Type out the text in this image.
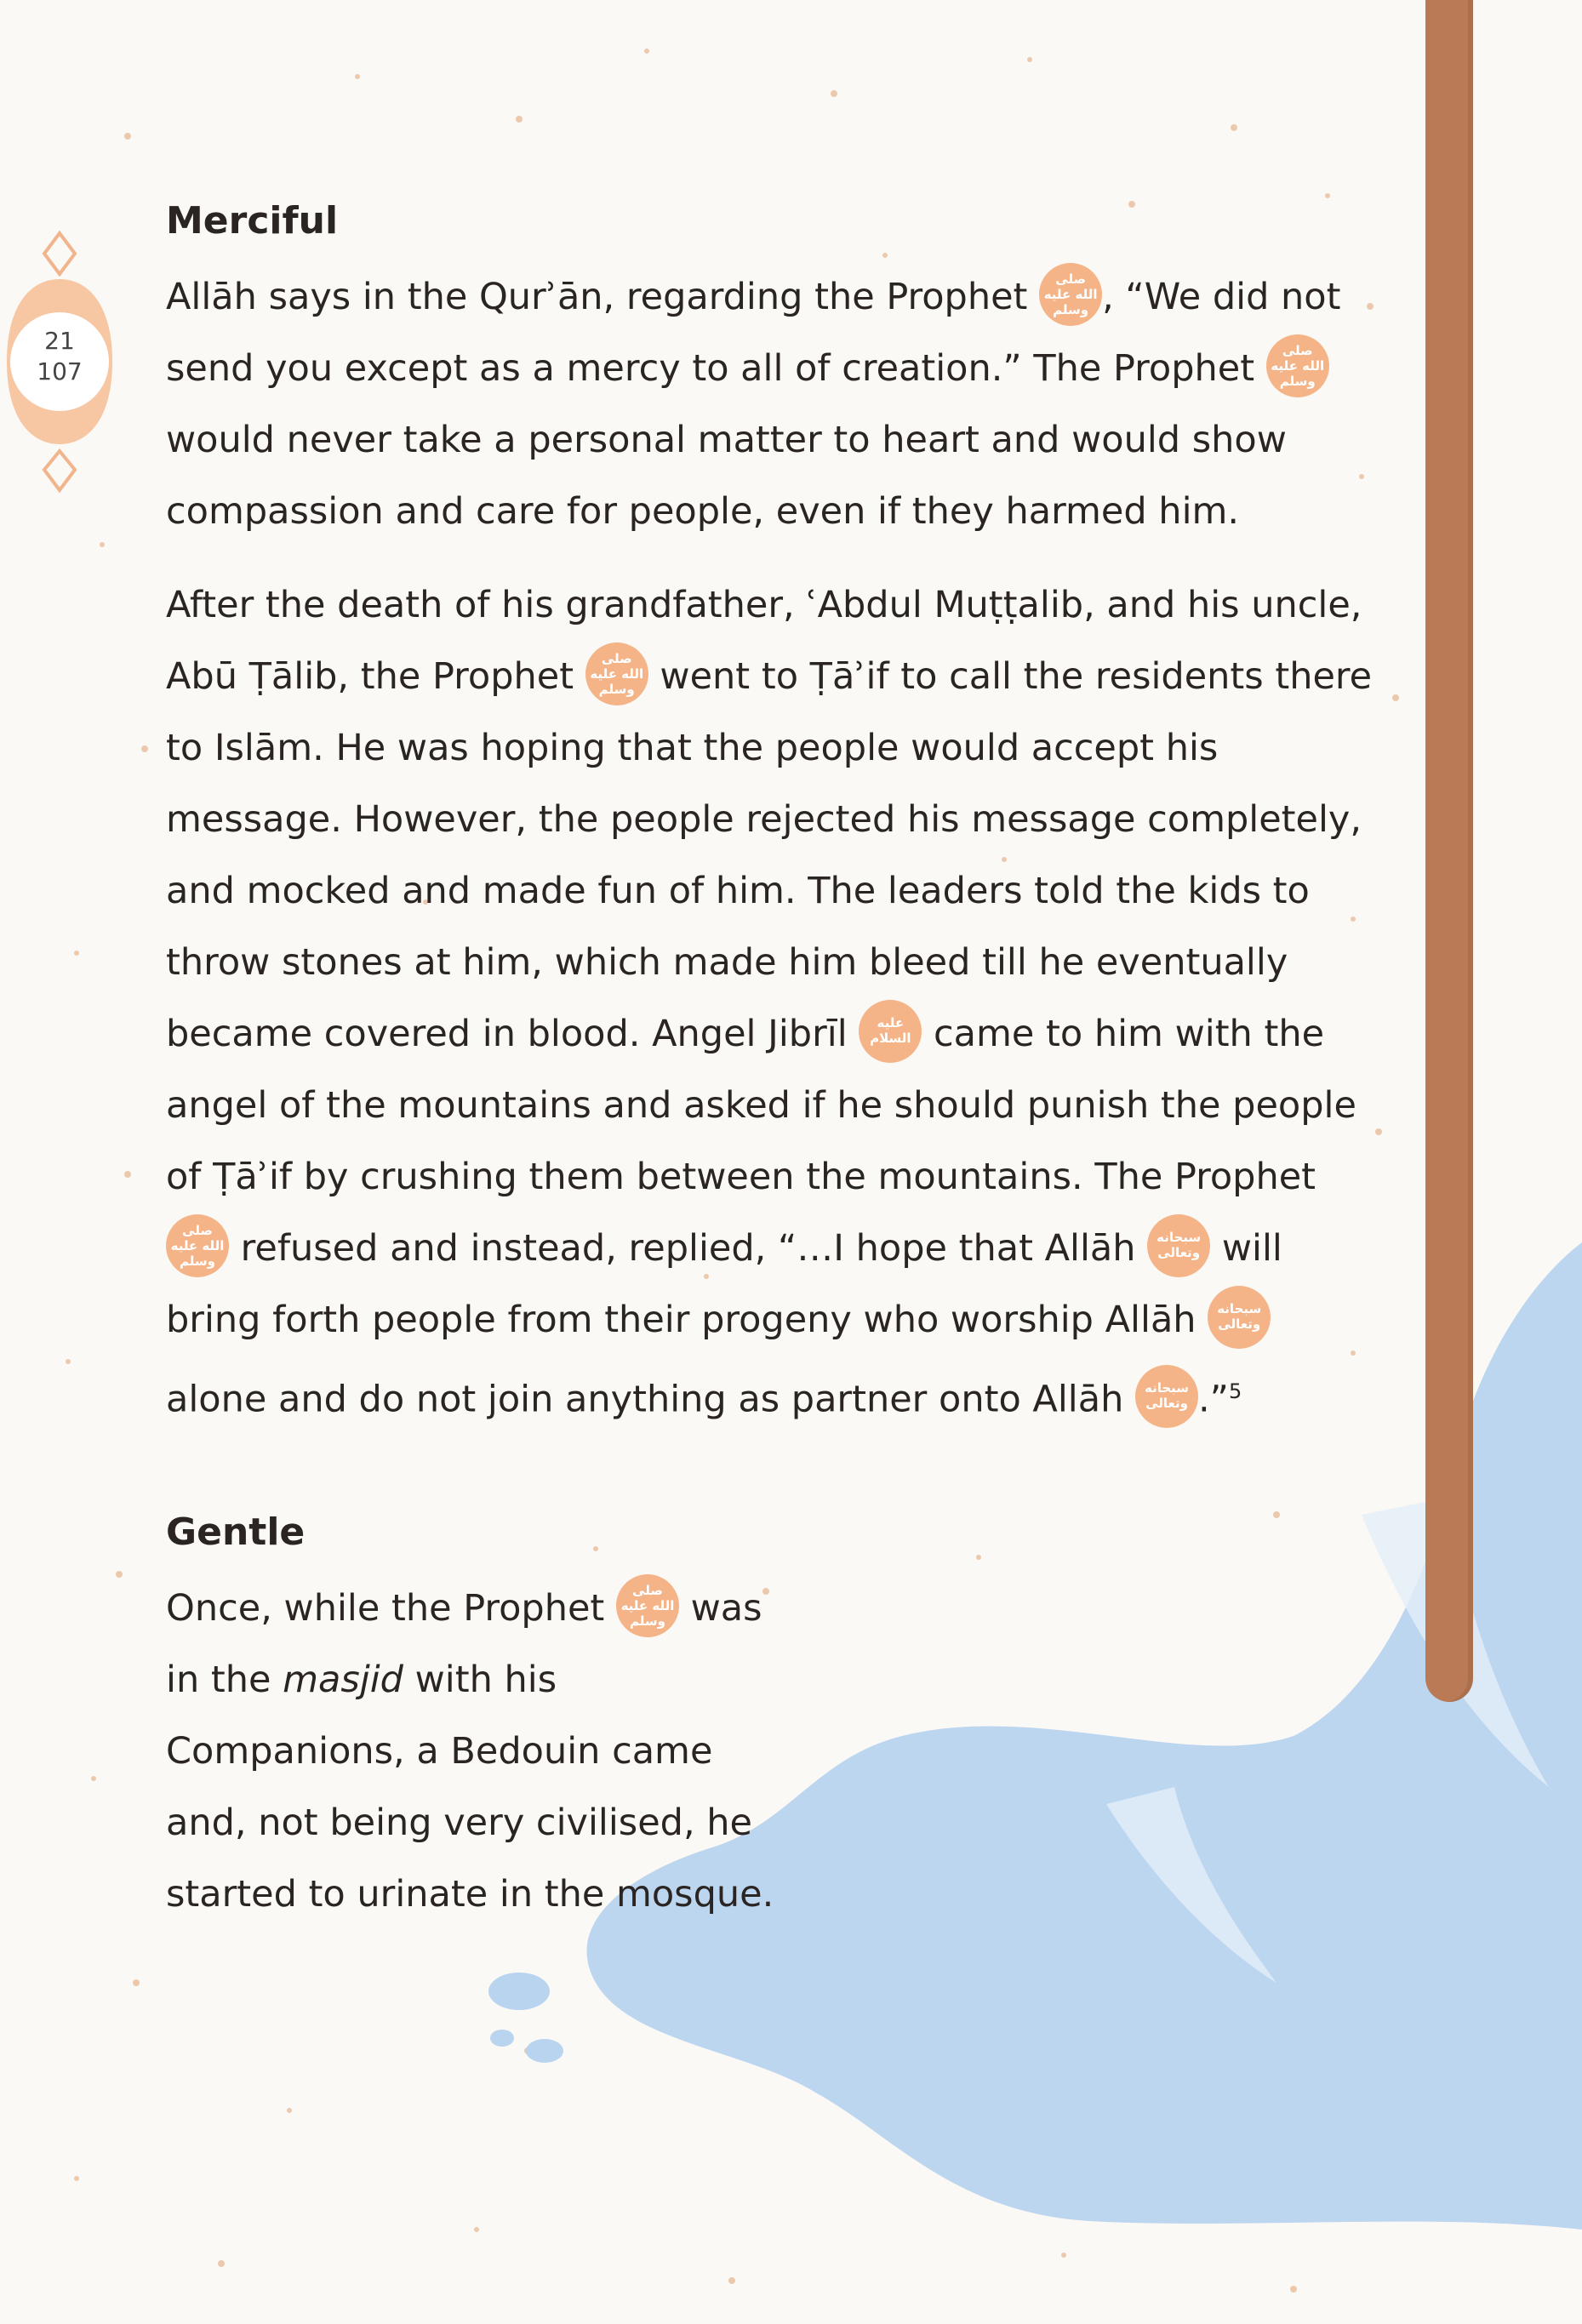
21
107
Merciful

Allāh says in the Qurʾān, regarding the Prophet	صلى
الله عليه
وسلم , “We did not send you except as a mercy to all of creation.” The Prophet	صلى
الله عليه
وسلم
would never take a personal matter to heart and would show compassion and care for people, even if they harmed him.

After the death of his grandfather, ʿAbdul Muṭṭalib, and his uncle, Abū Ṭālib, the Prophet	صلى
الله عليه
وسلم went to Ṭāʾif to call the residents there to Islām. He was hoping that the people would accept his message. However, the people rejected his message completely, and mocked and made fun of him. The leaders told the kids to throw stones at him, which made him bleed till he eventually became covered in blood. Angel Jibrīl	عليه
السلام came to him with the angel of the mountains and asked if he should punish the people of Ṭāʾif by crushing them between the mountains. The Prophet
صلى
الله عليه
وسلم refused and instead, replied, “…I hope that Allāh سبحانه
وتعالى will bring forth people from their progeny who worship Allāh سبحانه
وتعالى
alone and do not join anything as partner onto Allāh سبحانه
وتعالى .”$^5$

Gentle

Once, while the Prophet	صلى
الله عليه
وسلم was in the masjid with his Companions, a Bedouin came and, not being very civilised, he started to urinate in the mosque.
